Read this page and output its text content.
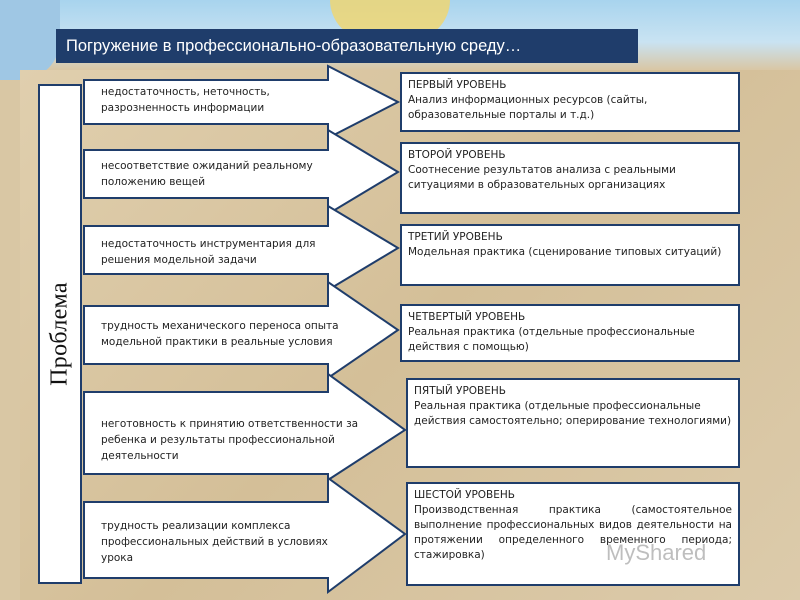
Погружение в профессионально-образовательную среду…
Проблема
недостаточность, неточность, разрозненность информации
несоответствие ожиданий реальному положению вещей
недостаточность инструментария для решения модельной задачи
трудность механического переноса опыта модельной практики в реальные условия
неготовность к принятию ответственности за ребенка и результаты профессиональной деятельности
трудность реализации комплекса профессиональных действий в условиях урока
ПЕРВЫЙ УРОВЕНЬ
Анализ информационных ресурсов (сайты, образовательные порталы и т.д.)
ВТОРОЙ УРОВЕНЬ
Соотнесение результатов анализа с реальными ситуациями в образовательных организациях
ТРЕТИЙ УРОВЕНЬ
Модельная практика (сценирование типовых ситуаций)
ЧЕТВЕРТЫЙ УРОВЕНЬ
Реальная практика (отдельные профессиональные действия с помощью)
ПЯТЫЙ УРОВЕНЬ
Реальная практика (отдельные профессиональные действия самостоятельно; оперирование технологиями)
ШЕСТОЙ УРОВЕНЬ
Производственная практика (самостоятельное выполнение профессиональных видов деятельности на протяжении определенного временного периода; стажировка)	MyShared
